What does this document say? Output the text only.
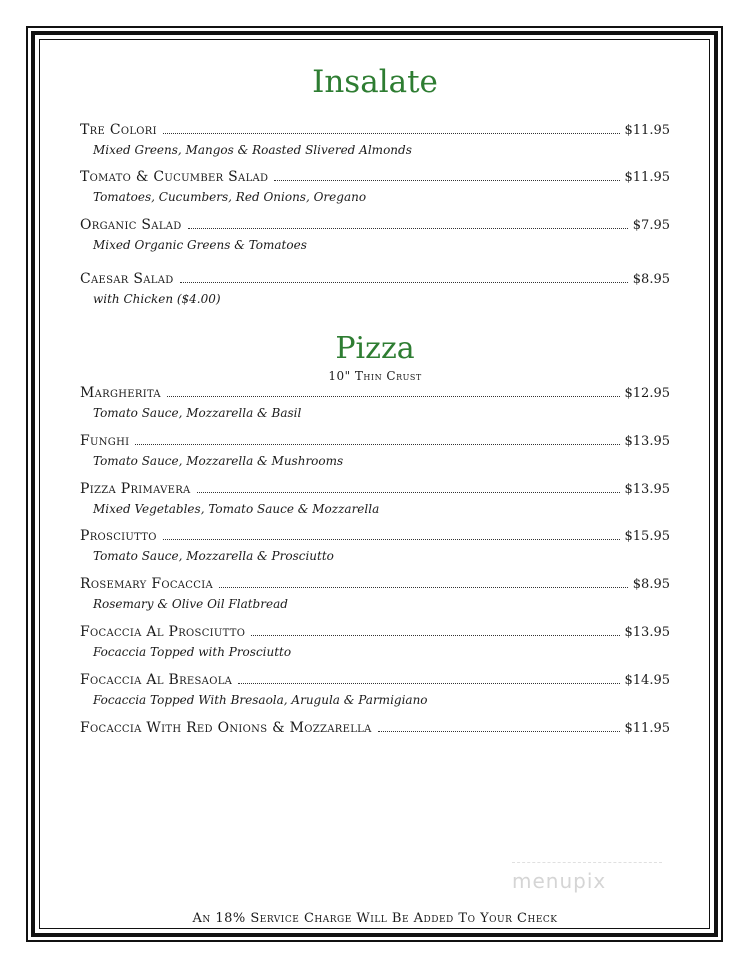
Insalate
Tre Colori	$11.95
Mixed Greens, Mangos & Roasted Slivered Almonds
Tomato & Cucumber Salad	$11.95
Tomatoes, Cucumbers, Red Onions, Oregano
Organic Salad	$7.95
Mixed Organic Greens & Tomatoes
Caesar Salad	$8.95
with Chicken ($4.00)
Pizza
10" Thin Crust
Margherita	$12.95
Tomato Sauce, Mozzarella & Basil
Funghi	$13.95
Tomato Sauce, Mozzarella & Mushrooms
Pizza Primavera	$13.95
Mixed Vegetables, Tomato Sauce & Mozzarella
Prosciutto	$15.95
Tomato Sauce, Mozzarella & Prosciutto
Rosemary Focaccia	$8.95
Rosemary & Olive Oil Flatbread
Focaccia Al Prosciutto	$13.95
Focaccia Topped with Prosciutto
Focaccia Al Bresaola	$14.95
Focaccia Topped With Bresaola, Arugula & Parmigiano
Focaccia With Red Onions & Mozzarella	$11.95
menupix
An 18% Service Charge Will Be Added To Your Check
